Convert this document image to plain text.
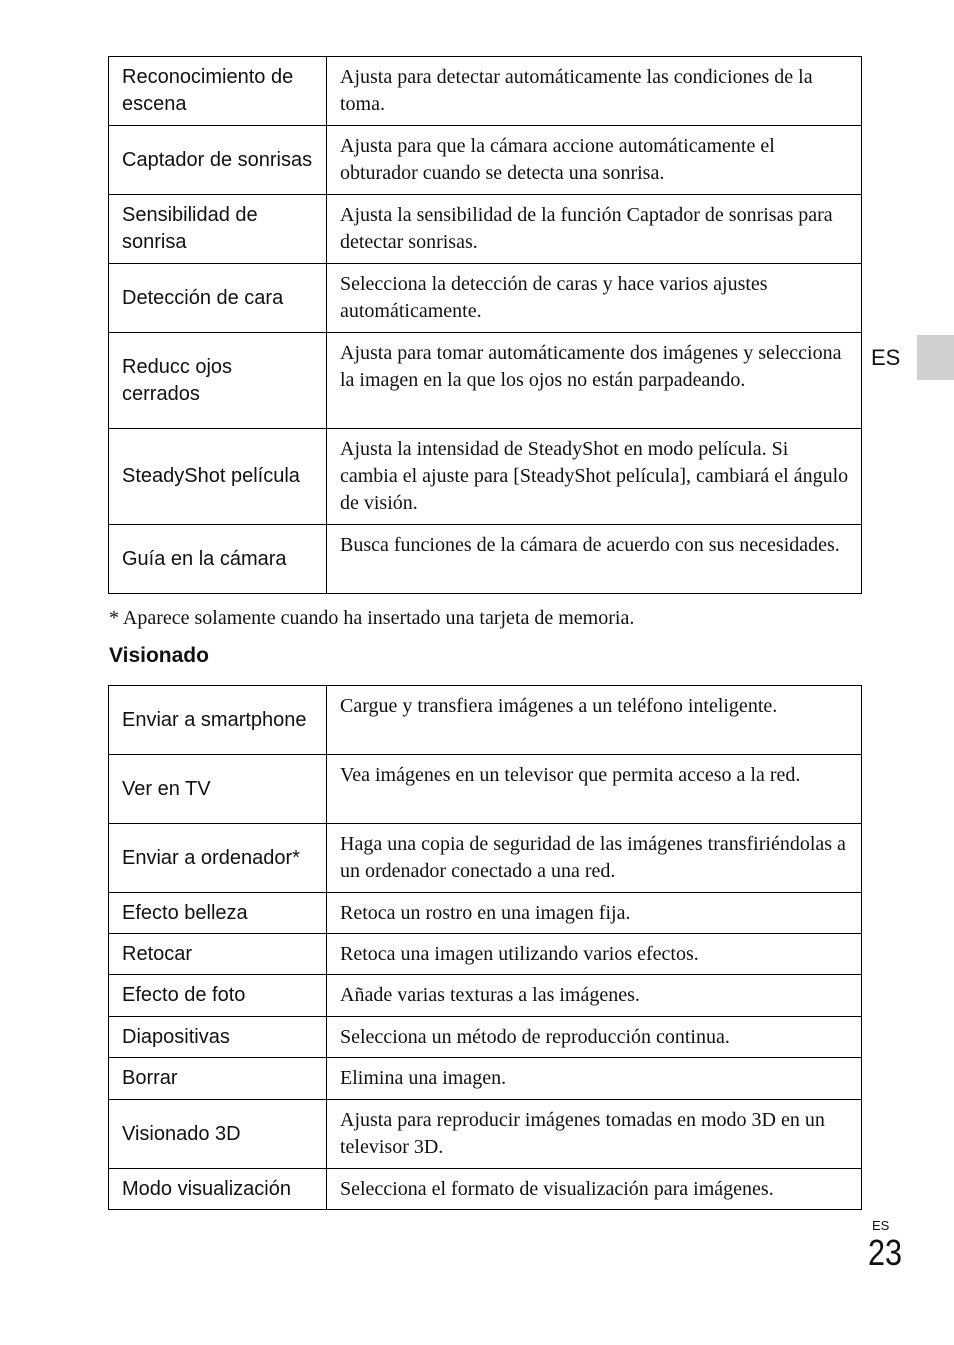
Reconocimiento de escena	Ajusta para detectar automáticamente las condiciones de la toma.
Captador de sonrisas	Ajusta para que la cámara accione automáticamente el obturador cuando se detecta una sonrisa.
Sensibilidad de sonrisa	Ajusta la sensibilidad de la función Captador de sonrisas para detectar sonrisas.
Detección de cara	Selecciona la detección de caras y hace varios ajustes automáticamente.
Reducc ojos cerrados	Ajusta para tomar automáticamente dos imágenes y selecciona la imagen en la que los ojos no están parpadeando.
SteadyShot película	Ajusta la intensidad de SteadyShot en modo película. Si cambia el ajuste para [SteadyShot película], cambiará el ángulo de visión.
Guía en la cámara	Busca funciones de la cámara de acuerdo con sus necesidades.
* Aparece solamente cuando ha insertado una tarjeta de memoria.
Visionado
Enviar a smartphone	Cargue y transfiera imágenes a un teléfono inteligente.
Ver en TV	Vea imágenes en un televisor que permita acceso a la red.
Enviar a ordenador*	Haga una copia de seguridad de las imágenes transfiriéndolas a un ordenador conectado a una red.
Efecto belleza	Retoca un rostro en una imagen fija.
Retocar	Retoca una imagen utilizando varios efectos.
Efecto de foto	Añade varias texturas a las imágenes.
Diapositivas	Selecciona un método de reproducción continua.
Borrar	Elimina una imagen.
Visionado 3D	Ajusta para reproducir imágenes tomadas en modo 3D en un televisor 3D.
Modo visualización	Selecciona el formato de visualización para imágenes.
ES
ES
23
